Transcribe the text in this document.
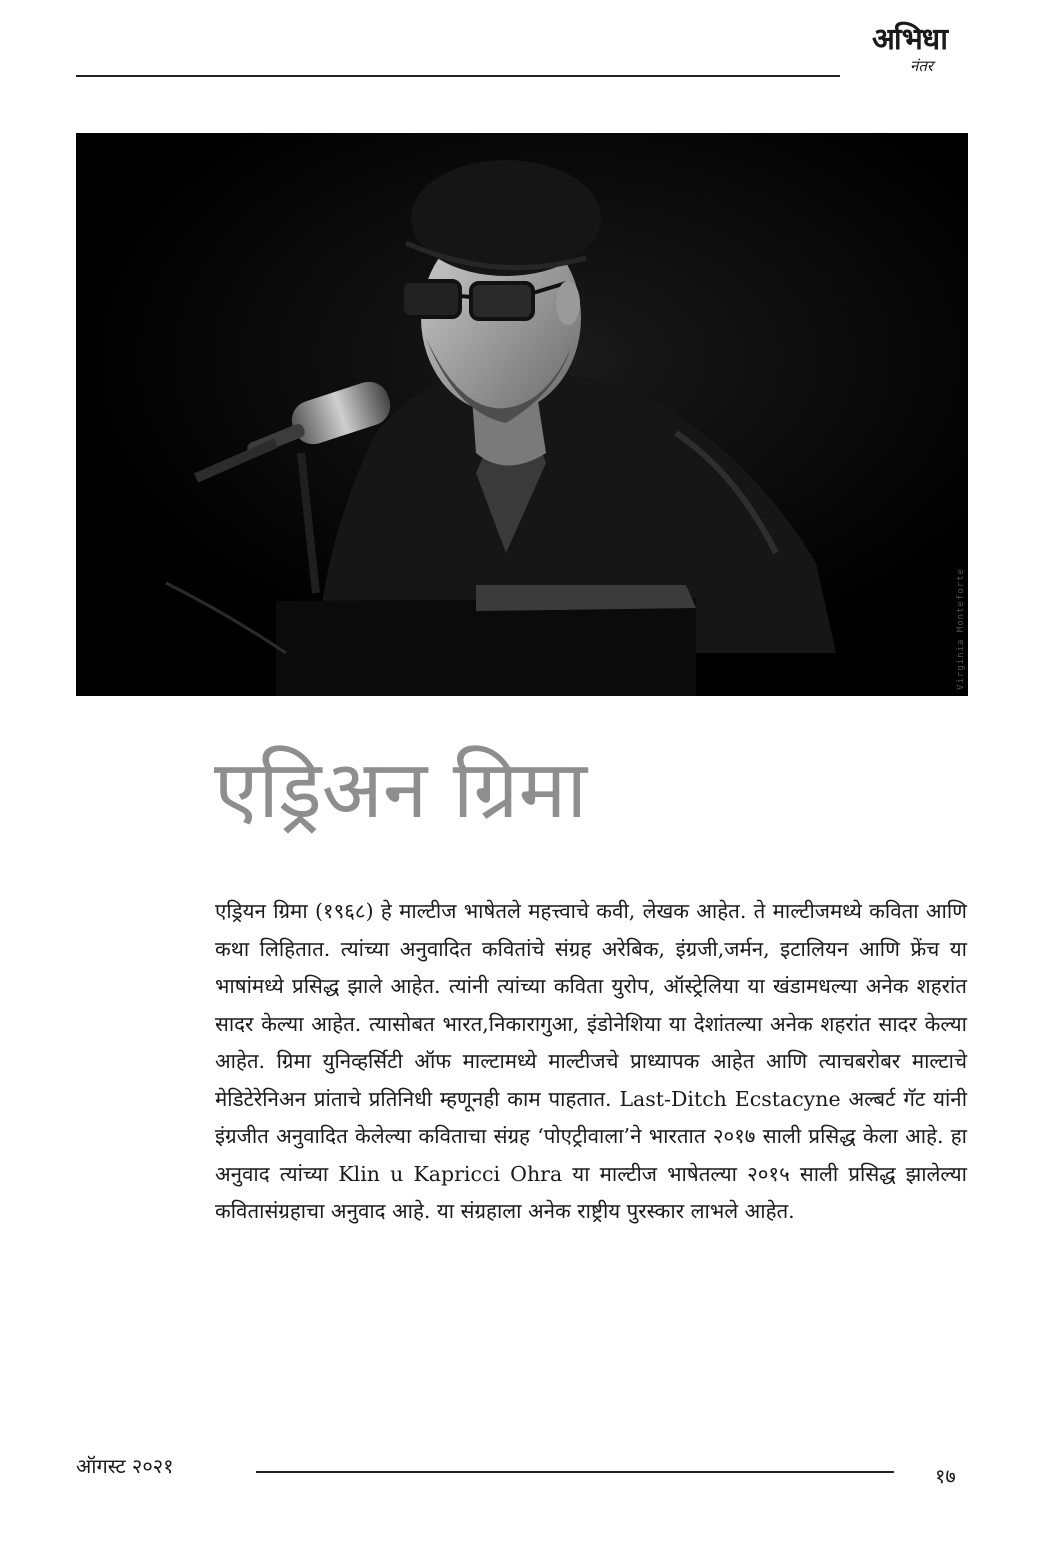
अभिधा
नंतर
Virginia Monteforte
एड्रिअन ग्रिमा

एड्रियन ग्रिमा (१९६८) हे माल्टीज भाषेतले महत्त्वाचे कवी, लेखक आहेत. ते माल्टीजमध्ये कविता आणि कथा लिहितात. त्यांच्या अनुवादित कवितांचे संग्रह अरेबिक, इंग्रजी,जर्मन, इटालियन आणि फ्रेंच या भाषांमध्ये प्रसिद्ध झाले आहेत. त्यांनी त्यांच्या कविता युरोप, ऑस्ट्रेलिया या खंडामधल्या अनेक शहरांत सादर केल्या आहेत. त्यासोबत भारत,निकारागुआ, इंडोनेशिया या देशांतल्या अनेक शहरांत सादर केल्या आहेत. ग्रिमा युनिव्हर्सिटी ऑफ माल्टामध्ये माल्टीजचे प्राध्यापक आहेत आणि त्याचबरोबर माल्टाचे मेडिटेरेनिअन प्रांताचे प्रतिनिधी म्हणूनही काम पाहतात. Last-Ditch Ecstacyne अल्बर्ट गॅट यांनी इंग्रजीत अनुवादित केलेल्या कविताचा संग्रह ‘पोएट्रीवाला’ने भारतात २०१७ साली प्रसिद्ध केला आहे. हा अनुवाद त्यांच्या Klin u Kapricci Ohra या माल्टीज भाषेतल्या २०१५ साली प्रसिद्ध झालेल्या कवितासंग्रहाचा अनुवाद आहे. या संग्रहाला अनेक राष्ट्रीय पुरस्कार लाभले आहेत.

ऑगस्ट २०२१	१७
